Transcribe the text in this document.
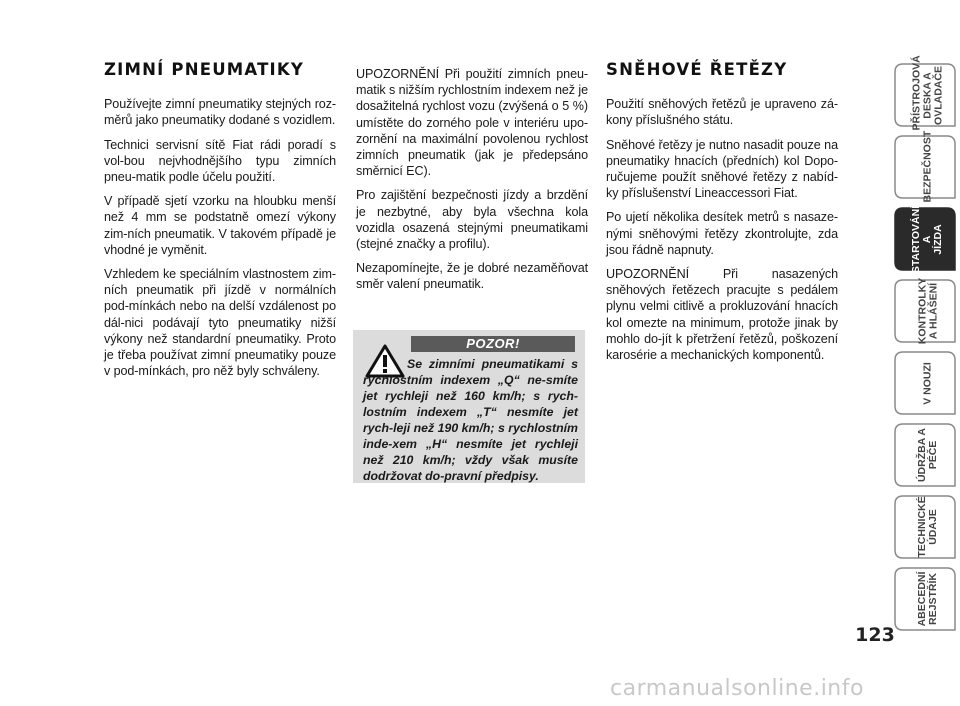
ZIMNÍ PNEUMATIKY

Používejte zimní pneumatiky stejných roz-měrů jako pneumatiky dodané s vozidlem.

Technici servisní sítě Fiat rádi poradí s vol-bou nejvhodnějšího typu zimních pneu-matik podle účelu použití.

V případě sjetí vzorku na hloubku menší než 4 mm se podstatně omezí výkony zim-ních pneumatik. V takovém případě je vhodné je vyměnit.

Vzhledem ke speciálním vlastnostem zim-ních pneumatik při jízdě v normálních pod-mínkách nebo na delší vzdálenost po dál-nici podávají tyto pneumatiky nižší výkony než standardní pneumatiky. Proto je třeba používat zimní pneumatiky pouze v pod-mínkách, pro něž byly schváleny.

UPOZORNĚNÍ Při použití zimních pneu-matik s nižším rychlostním indexem než je dosažitelná rychlost vozu (zvýšená o 5 %) umístěte do zorného pole v interiéru upo-zornění na maximální povolenou rychlost zimních pneumatik (jak je předepsáno směrnicí EC).

Pro zajištění bezpečnosti jízdy a brzdění je nezbytné, aby byla všechna kola vozidla osazená stejnými pneumatikami (stejné značky a profilu).

Nezapomínejte, že je dobré nezaměňovat směr valení pneumatik.

POZOR!
Se zimními pneumatikami s rychlostním indexem „Q“ ne-smíte jet rychleji než 160 km/h; s rych-lostním indexem „T“ nesmíte jet rych-leji než 190 km/h; s rychlostním inde-xem „H“ nesmíte jet rychleji než 210 km/h; vždy však musíte dodržovat do-pravní předpisy.
SNĚHOVÉ ŘETĚZY

Použití sněhových řetězů je upraveno zá-kony příslušného státu.

Sněhové řetězy je nutno nasadit pouze na pneumatiky hnacích (předních) kol Dopo-ručujeme použít sněhové řetězy z nabíd-ky příslušenství Lineaccessori Fiat.

Po ujetí několika desítek metrů s nasaze-nými sněhovými řetězy zkontrolujte, zda jsou řádně napnuty.

UPOZORNĚNÍ Při nasazených sněhových řetězech pracujte s pedálem plynu velmi citlivě a prokluzování hnacích kol omezte na minimum, protože jinak by mohlo do-jít k přetržení řetězů, poškození karosérie a mechanických komponentů.

PŘÍSTROJOVÁ DESKA A
OVLADAČE
BEZPEČNOST
STARTOVÁNÍ A
JÍZDA
KONTROLKY
A HLÁŠENÍ
V NOUZI
ÚDRŽBA A
PÉČE
TECHNICKÉ
ÚDAJE
ABECEDNÍ
REJSTŘÍK
123
carmanualsonline.info
